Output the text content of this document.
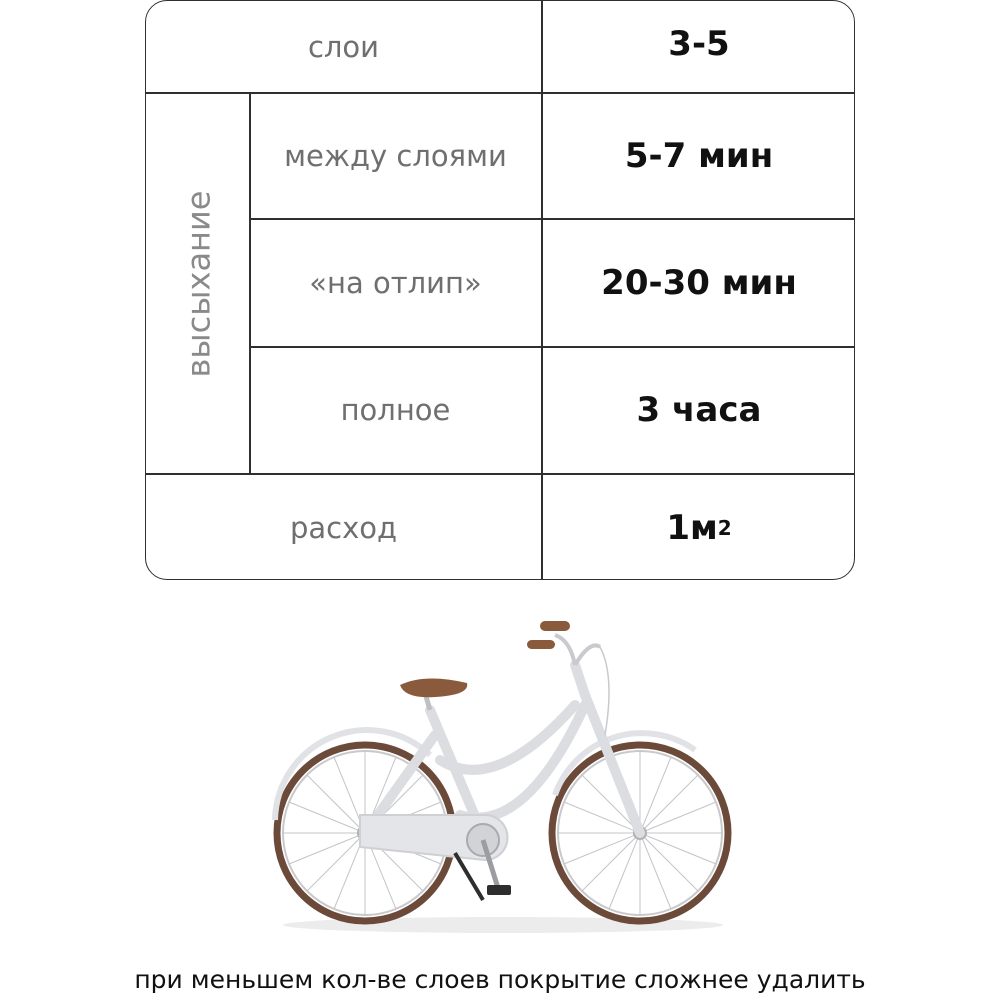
высыхание
слои	3-5
между слоями	5-7 мин
«на отлип»	20-30 мин
полное	3 часа
расход	1м 2
при меньшем кол-ве слоев покрытие сложнее удалить
